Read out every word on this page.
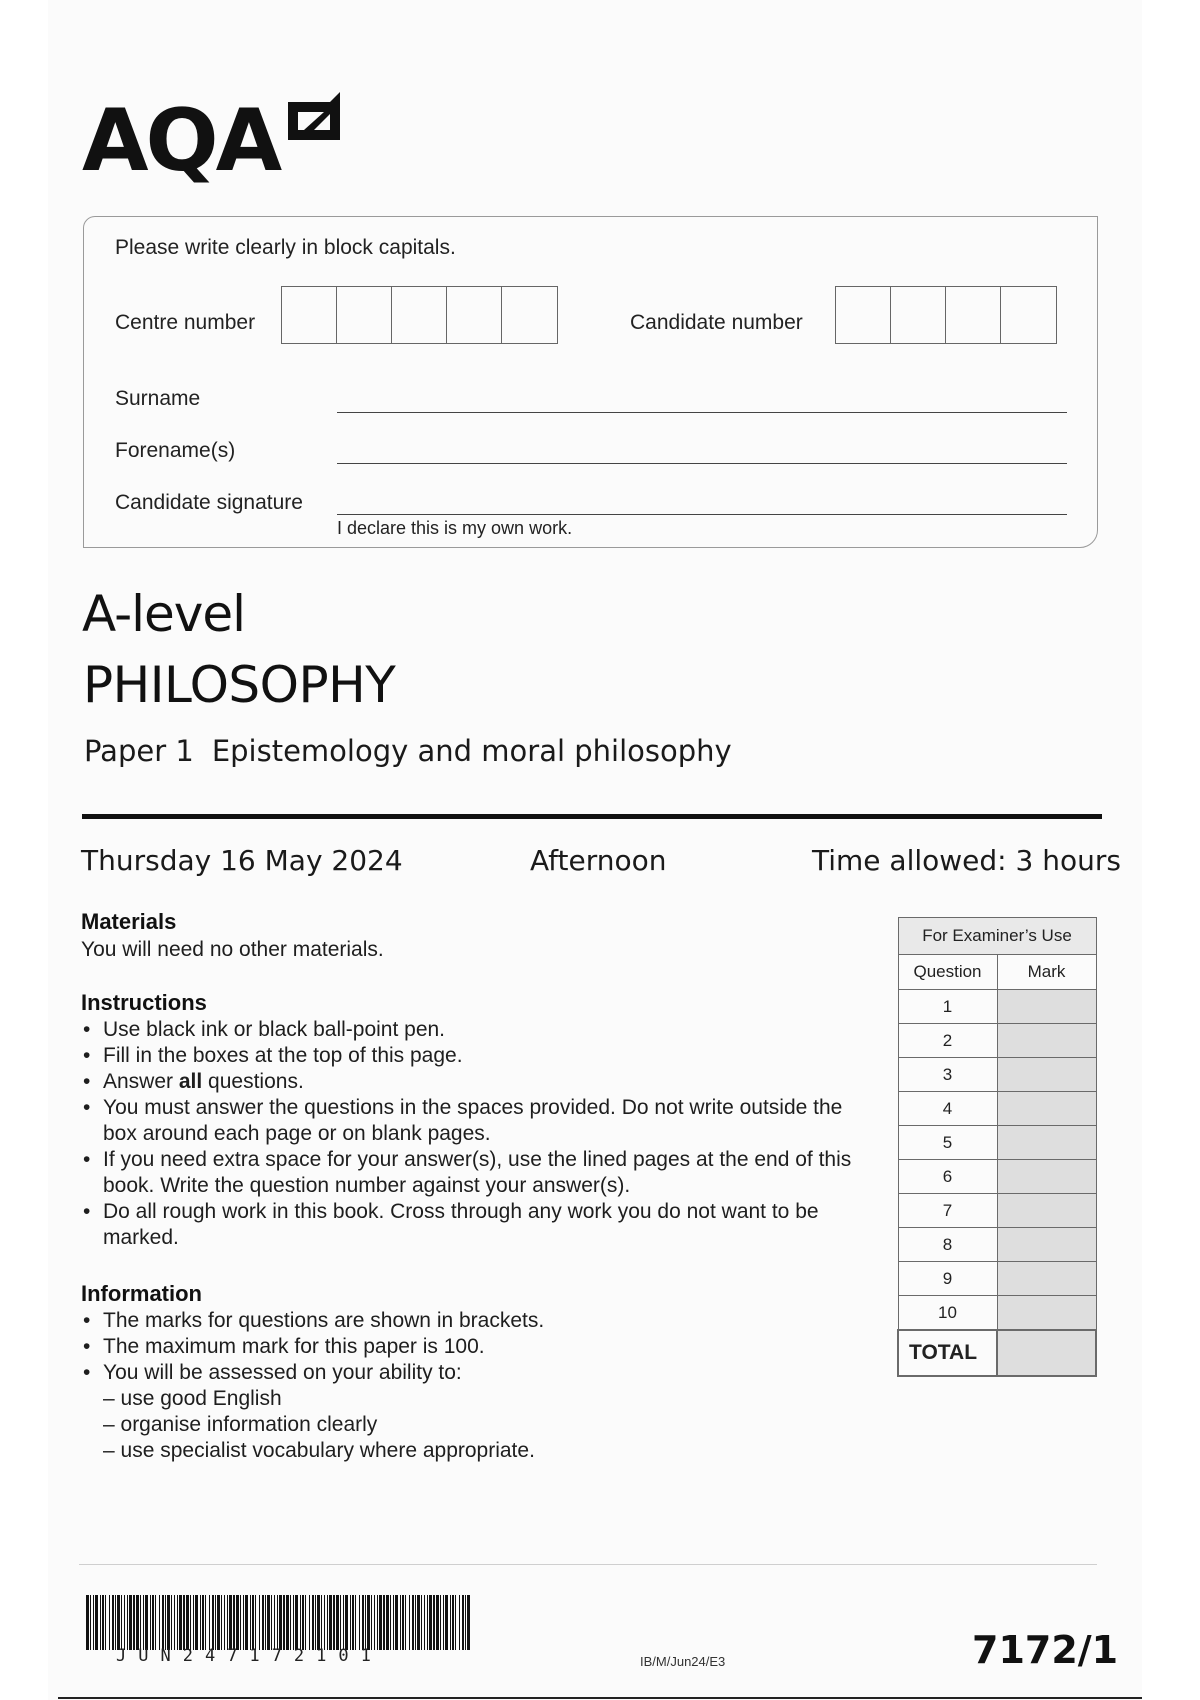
AQA
Please write clearly in block capitals.
Centre number	Candidate number
Surname
Forename(s)
Candidate signature
I declare this is my own work.
A-level
PHILOSOPHY
Paper 1 Epistemology and moral philosophy
Thursday 16 May 2024	Afternoon	Time allowed: 3 hours
Materials
You will need no other materials.
Instructions
• Use black ink or black ball-point pen.
• Fill in the boxes at the top of this page.
• Answer all questions.
• You must answer the questions in the spaces provided. Do not write outside the box around each page or on blank pages.
• If you need extra space for your answer(s), use the lined pages at the end of this book. Write the question number against your answer(s).
• Do all rough work in this book. Cross through any work you do not want to be marked.
Information
• The marks for questions are shown in brackets.
• The maximum mark for this paper is 100.
• You will be assessed on your ability to:
– use good English
– organise information clearly
– use specialist vocabulary where appropriate.
For Examiner’s Use	
Question	Mark
1	
2	
3	
4	
5	
6	
7	
8	
9	
10	
TOTAL	
JUN247172101	IB/M/Jun24/E3	7172/1
